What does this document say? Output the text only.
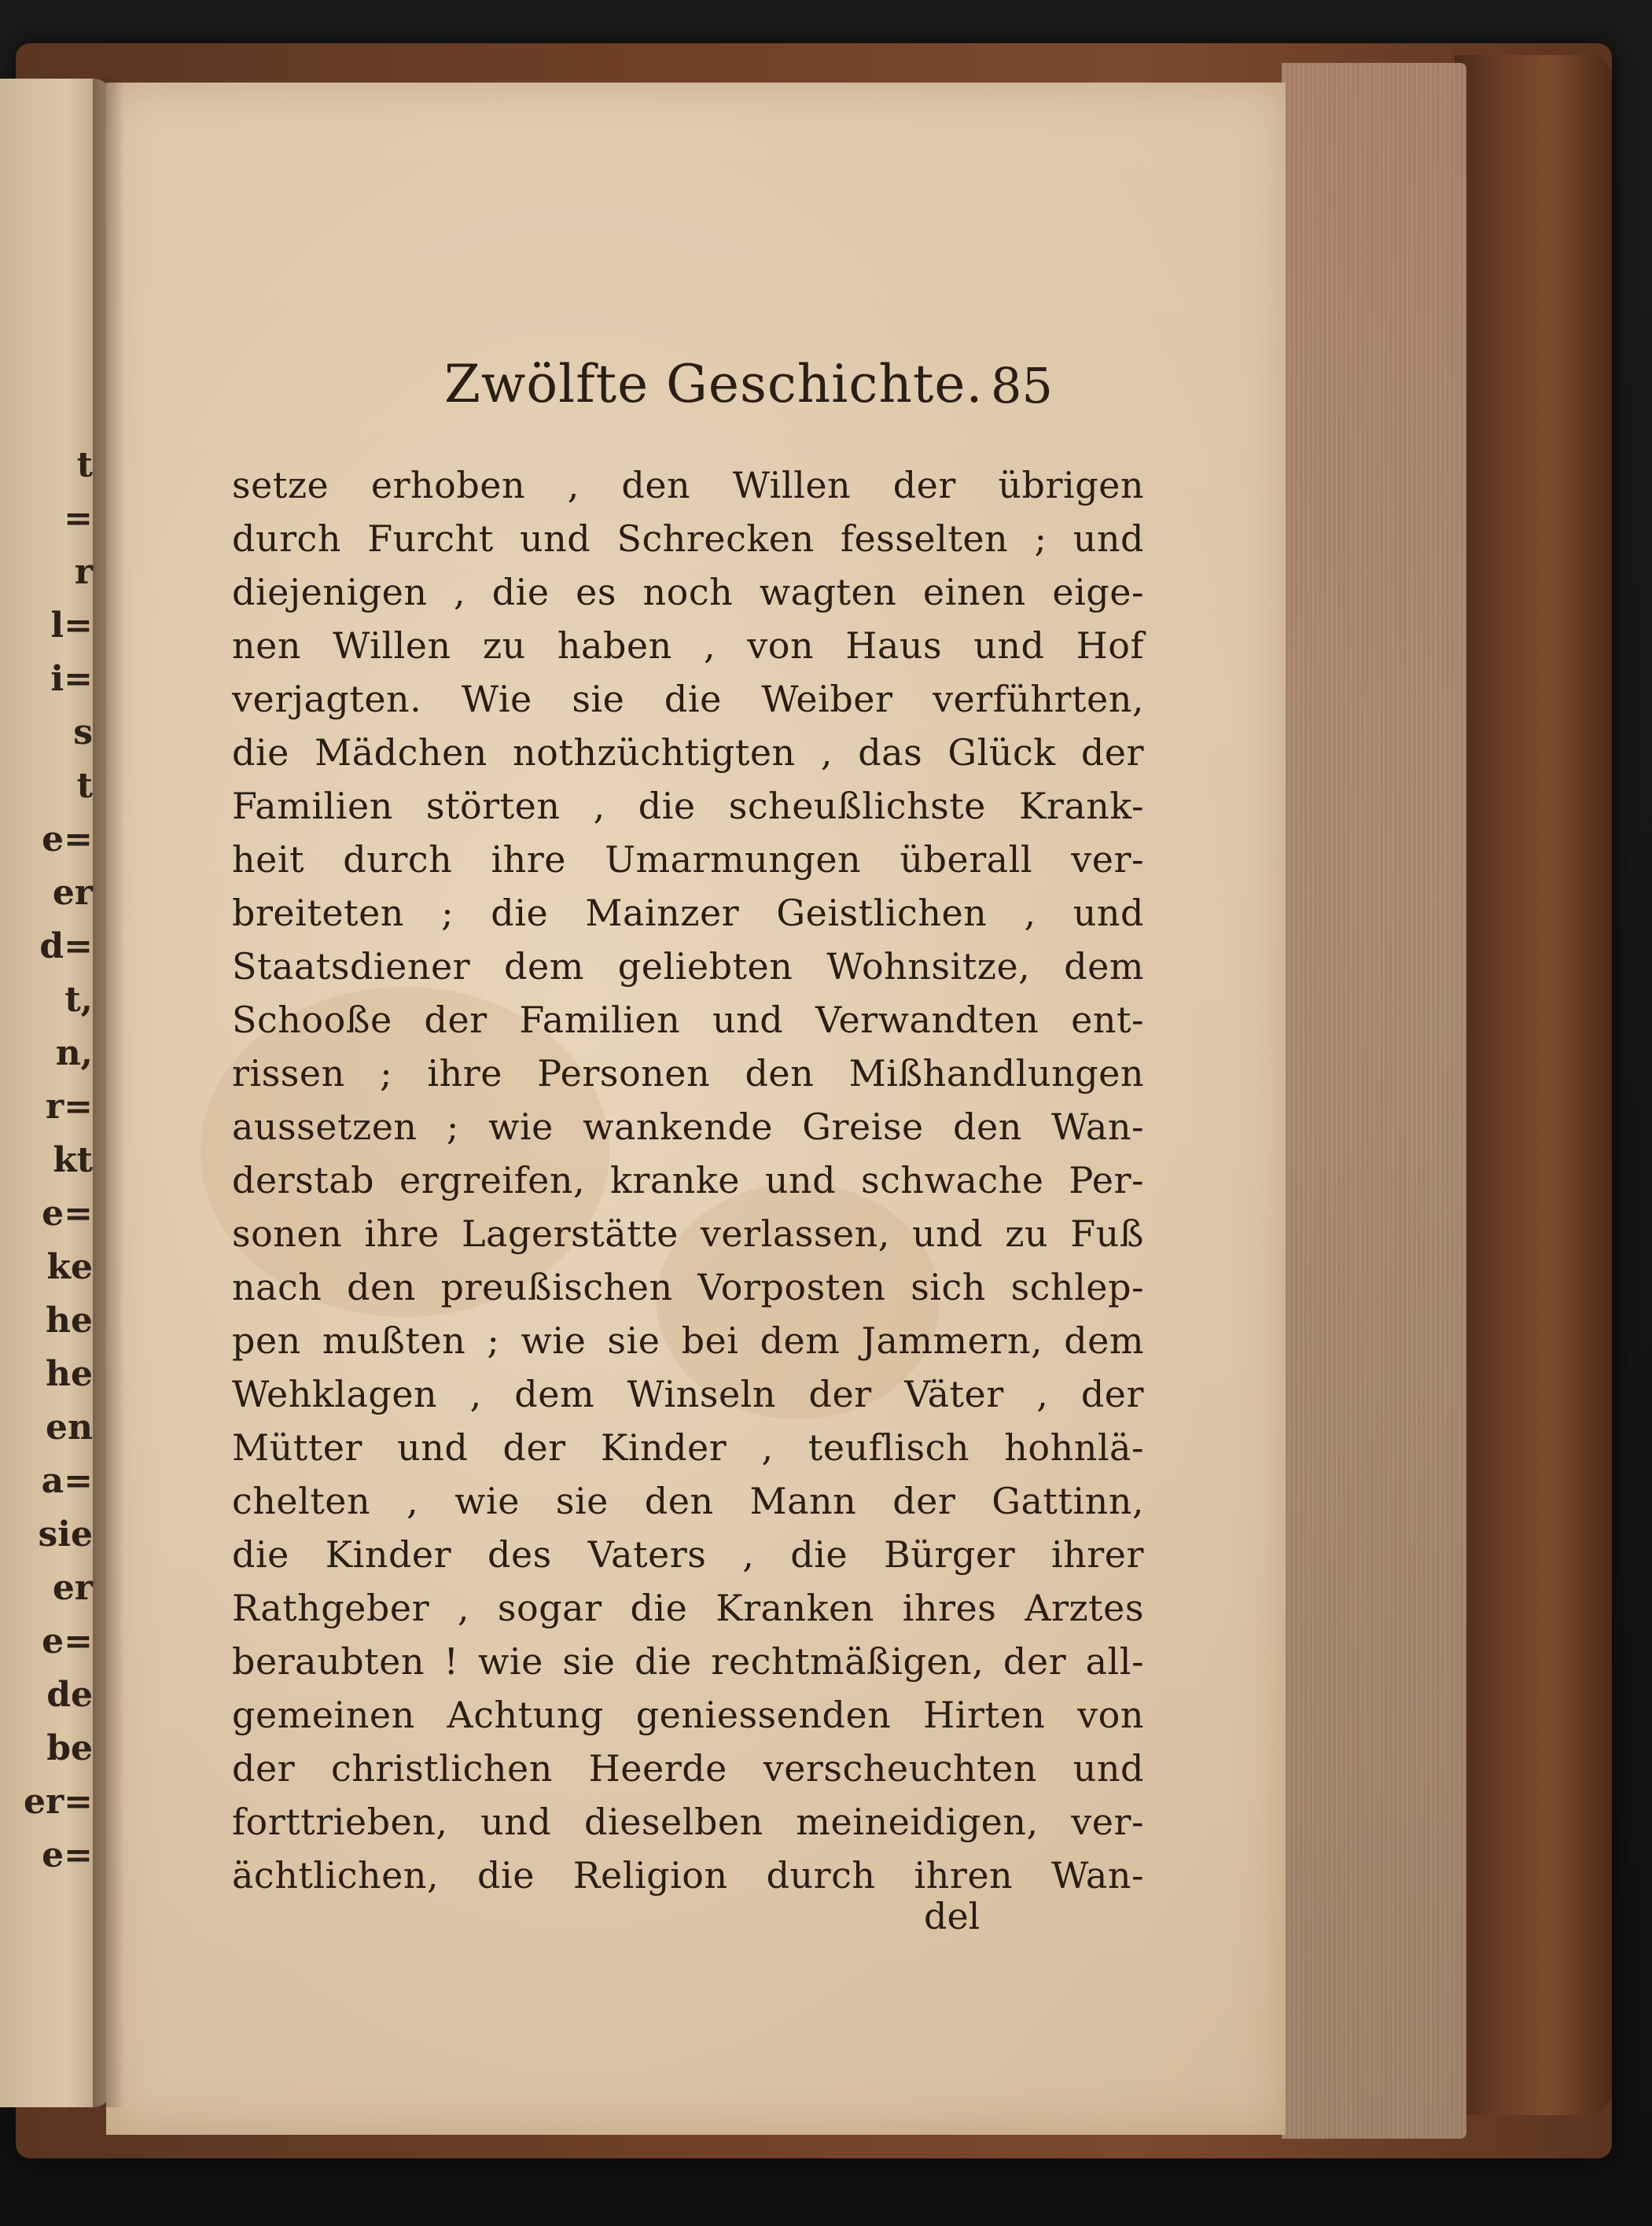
t
=
r
l=
i=
s
t
e=
er
d=
t,
n,
r=
kt
e=
ke
he
he
en
a=
sie
er
e=
de
be
er=
e=
Zwölfte Geschichte. 85
setze erhoben , den Willen der übrigen
durch Furcht und Schrecken fesselten ; und
diejenigen , die es noch wagten einen eige-
nen Willen zu haben , von Haus und Hof
verjagten. Wie sie die Weiber verführten,
die Mädchen nothzüchtigten , das Glück der
Familien störten , die scheußlichste Krank-
heit durch ihre Umarmungen überall ver-
breiteten ; die Mainzer Geistlichen , und
Staatsdiener dem geliebten Wohnsitze, dem
Schooße der Familien und Verwandten ent-
rissen ; ihre Personen den Mißhandlungen
aussetzen ; wie wankende Greise den Wan-
derstab ergreifen, kranke und schwache Per-
sonen ihre Lagerstätte verlassen, und zu Fuß
nach den preußischen Vorposten sich schlep-
pen mußten ; wie sie bei dem Jammern, dem
Wehklagen , dem Winseln der Väter , der
Mütter und der Kinder , teuflisch hohnlä-
chelten , wie sie den Mann der Gattinn,
die Kinder des Vaters , die Bürger ihrer
Rathgeber , sogar die Kranken ihres Arztes
beraubten ! wie sie die rechtmäßigen, der all-
gemeinen Achtung geniessenden Hirten von
der christlichen Heerde verscheuchten und
forttrieben, und dieselben meineidigen, ver-
ächtlichen, die Religion durch ihren Wan-
del
